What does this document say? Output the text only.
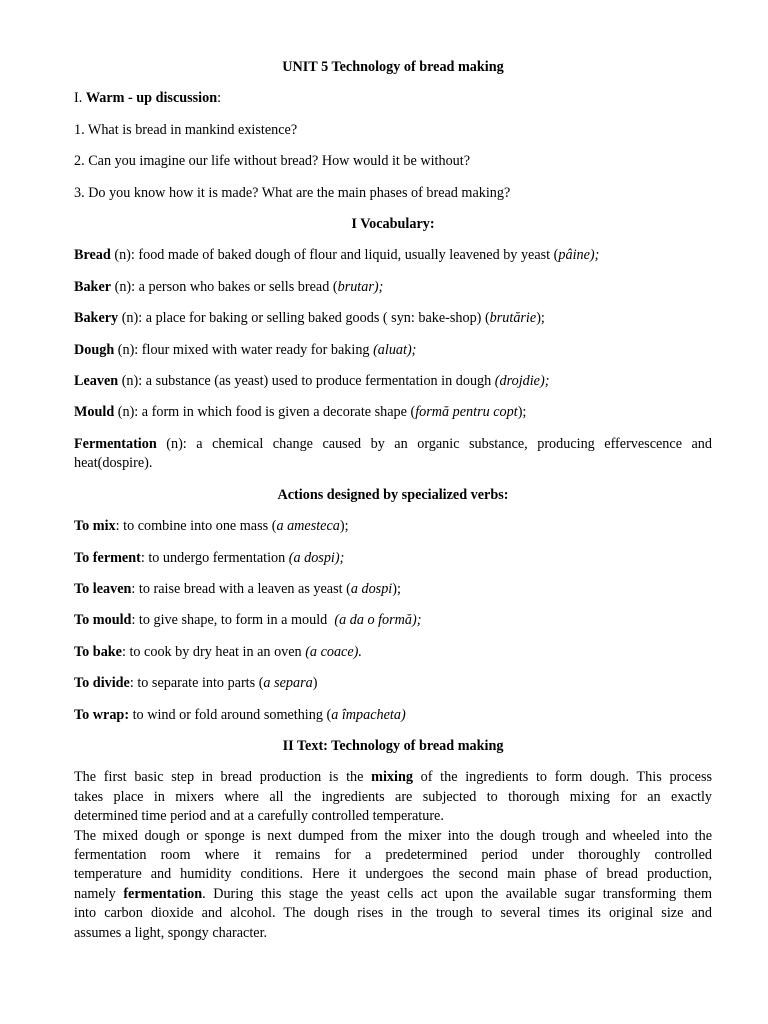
UNIT 5 Technology of bread making

I. Warm - up discussion:

1. What is bread in mankind existence?

2. Can you imagine our life without bread? How would it be without?

3. Do you know how it is made? What are the main phases of bread making?

I Vocabulary:

Bread (n): food made of baked dough of flour and liquid, usually leavened by yeast (pâine);

Baker (n): a person who bakes or sells bread (brutar);

Bakery (n): a place for baking or selling baked goods ( syn: bake-shop) (brutărie);

Dough (n): flour mixed with water ready for baking (aluat);

Leaven (n): a substance (as yeast) used to produce fermentation in dough (drojdie);

Mould (n): a form in which food is given a decorate shape (formă pentru copt);

Fermentation (n): a chemical change caused by an organic substance, producing effervescence and

heat(dospire).

Actions designed by specialized verbs:

To mix: to combine into one mass (a amesteca);

To ferment: to undergo fermentation (a dospi);

To leaven: to raise bread with a leaven as yeast (a dospi);

To mould: to give shape, to form in a mould  (a da o formă);

To bake: to cook by dry heat in an oven (a coace).

To divide: to separate into parts (a separa)

To wrap: to wind or fold around something (a împacheta)

II Text: Technology of bread making

The first basic step in bread production is the mixing of the ingredients to form dough. This process

takes place in mixers where all the ingredients are subjected to thorough mixing for an exactly

determined time period and at a carefully controlled temperature.

The mixed dough or sponge is next dumped from the mixer into the dough trough and wheeled into the

fermentation room where it remains for a predetermined period under thoroughly controlled

temperature and humidity conditions. Here it undergoes the second main phase of bread production,

namely fermentation. During this stage the yeast cells act upon the available sugar transforming them

into carbon dioxide and alcohol. The dough rises in the trough to several times its original size and

assumes a light, spongy character.
